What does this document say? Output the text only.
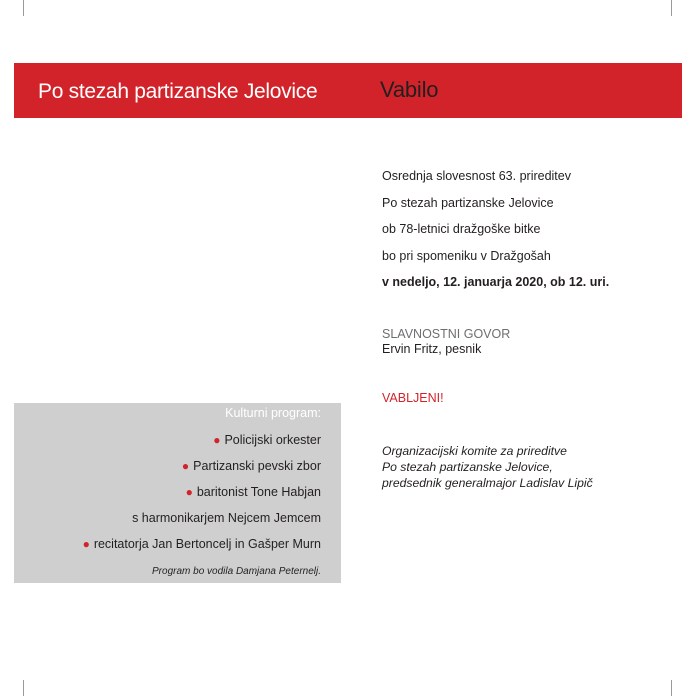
Po stezah partizanske Jelovice	Vabilo
Osrednja slovesnost 63. prireditev
Po stezah partizanske Jelovice
ob 78-letnici dražgoške bitke
bo pri spomeniku v Dražgošah
v nedeljo, 12. januarja 2020, ob 12. uri.
SLAVNOSTNI GOVOR
Ervin Fritz, pesnik
VABLJENI!
Organizacijski komite za prireditve
Po stezah partizanske Jelovice,
predsednik generalmajor Ladislav Lipič
Kulturni program:
● Policijski orkester
● Partizanski pevski zbor
● baritonist Tone Habjan
s harmonikarjem Nejcem Jemcem
● recitatorja Jan Bertoncelj in Gašper Murn
Program bo vodila Damjana Peternelj.
